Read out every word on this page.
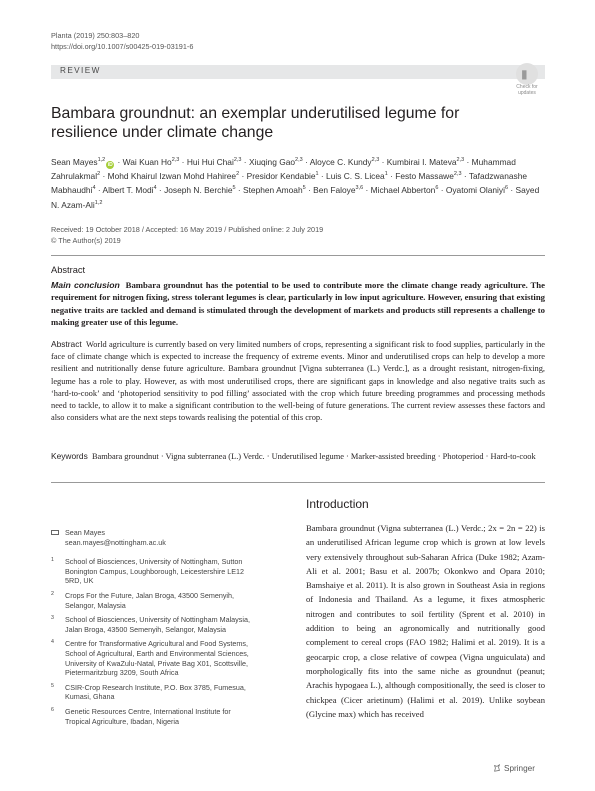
Planta (2019) 250:803–820
https://doi.org/10.1007/s00425-019-03191-6
REVIEW	▮
Check for updates
Bambara groundnut: an exemplar underutilised legume for resilience under climate change
Sean Mayes$^{1,2}$iD · Wai Kuan Ho$^{2,3}$ · Hui Hui Chai$^{2,3}$ · Xiuqing Gao$^{2,3}$ · Aloyce C. Kundy$^{2,3}$ · Kumbirai I. Mateva$^{2,3}$ · Muhammad Zahrulakmal$^2$ · Mohd Khairul Izwan Mohd Hahiree$^2$ · Presidor Kendabie$^1$ · Luis C. S. Licea$^1$ · Festo Massawe$^{2,3}$ · Tafadzwanashe Mabhaudhi$^4$ · Albert T. Modi$^4$ · Joseph N. Berchie$^5$ · Stephen Amoah$^5$ · Ben Faloye$^{3,6}$ · Michael Abberton$^6$ · Oyatomi Olaniyi$^6$ · Sayed N. Azam-Ali$^{1,2}$
Received: 19 October 2018 / Accepted: 16 May 2019 / Published online: 2 July 2019
© The Author(s) 2019
Abstract
Main conclusion Bambara groundnut has the potential to be used to contribute more the climate change ready agriculture. The requirement for nitrogen fixing, stress tolerant legumes is clear, particularly in low input agriculture. However, ensuring that existing negative traits are tackled and demand is stimulated through the development of markets and products still represents a challenge to making greater use of this legume.
Abstract World agriculture is currently based on very limited numbers of crops, representing a significant risk to food supplies, particularly in the face of climate change which is expected to increase the frequency of extreme events. Minor and underutilised crops can help to develop a more resilient and nutritionally dense future agriculture. Bambara groundnut [Vigna subterranea (L.) Verdc.], as a drought resistant, nitrogen-fixing, legume has a role to play. However, as with most underutilised crops, there are significant gaps in knowledge and also negative traits such as ‘hard-to-cook’ and ‘photoperiod sensitivity to pod filling’ associated with the crop which future breeding programmes and processing methods need to tackle, to allow it to make a significant contribution to the well-being of future generations. The current review assesses these factors and also considers what are the next steps towards realising the potential of this crop.
Keywords Bambara groundnut · Vigna subterranea (L.) Verdc. · Underutilised legume · Marker-assisted breeding · Photoperiod · Hard-to-cook
Sean Mayes
sean.mayes@nottingham.ac.uk
1 School of Biosciences, University of Nottingham, Sutton Bonington Campus, Loughborough, Leicestershire LE12 5RD, UK
2 Crops For the Future, Jalan Broga, 43500 Semenyih, Selangor, Malaysia
3 School of Biosciences, University of Nottingham Malaysia, Jalan Broga, 43500 Semenyih, Selangor, Malaysia
4 Centre for Transformative Agricultural and Food Systems, School of Agricultural, Earth and Environmental Sciences, University of KwaZulu-Natal, Private Bag X01, Scottsville, Pietermaritzburg 3209, South Africa
5 CSIR-Crop Research Institute, P.O. Box 3785, Fumesua, Kumasi, Ghana
6 Genetic Resources Centre, International Institute for Tropical Agriculture, Ibadan, Nigeria
Introduction
Bambara groundnut (Vigna subterranea (L.) Verdc.; 2x = 2n = 22) is an underutilised African legume crop which is grown at low levels very extensively throughout sub-Saharan Africa (Duke 1982; Azam-Ali et al. 2001; Basu et al. 2007b; Okonkwo and Opara 2010; Bamshaiye et al. 2011). It is also grown in Southeast Asia in regions of Indonesia and Thailand. As a legume, it fixes atmospheric nitrogen and contributes to soil fertility (Sprent et al. 2010) in addition to being an agronomically and nutritionally good complement to cereal crops (FAO 1982; Halimi et al. 2019). It is a geocarpic crop, a close relative of cowpea (Vigna unguiculata) and morphologically fits into the same niche as groundnut (peanut; Arachis hypogaea L.), although compositionally, the seed is closer to chickpea (Cicer arietinum) (Halimi et al. 2019). Unlike soybean (Glycine max) which has received
Springer
